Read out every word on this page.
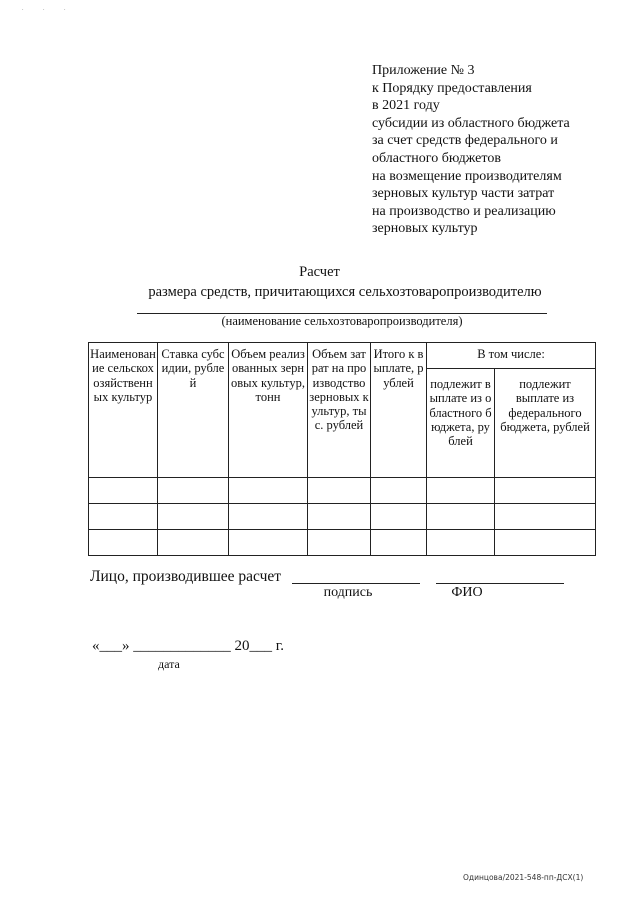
. . .
Приложение № 3
к Порядку предоставления
в 2021 году
субсидии из областного бюджета
за счет средств федерального и
областного бюджетов
на возмещение производителям
зерновых культур части затрат
на производство и реализацию
зерновых культур
Расчет
размера средств, причитающихся сельхозтоваропроизводителю
(наименование сельхозтоваропроизводителя)
Наименование сельскохозяйственных культур	Ставка субсидии, рублей	Объем реализованных зерновых культур, тонн	Объем затрат на производство зерновых культур, тыс. рублей	Итого к выплате, рублей	В том числе:	
					подлежит выплате из областного бюджета, рублей	подлежит выплате из федерального бюджета, рублей

Лицо, производившее расчет
подпись	ФИО
«___» _____________ 20___ г.
дата
Одинцова/2021-548-пп-ДСХ(1)
